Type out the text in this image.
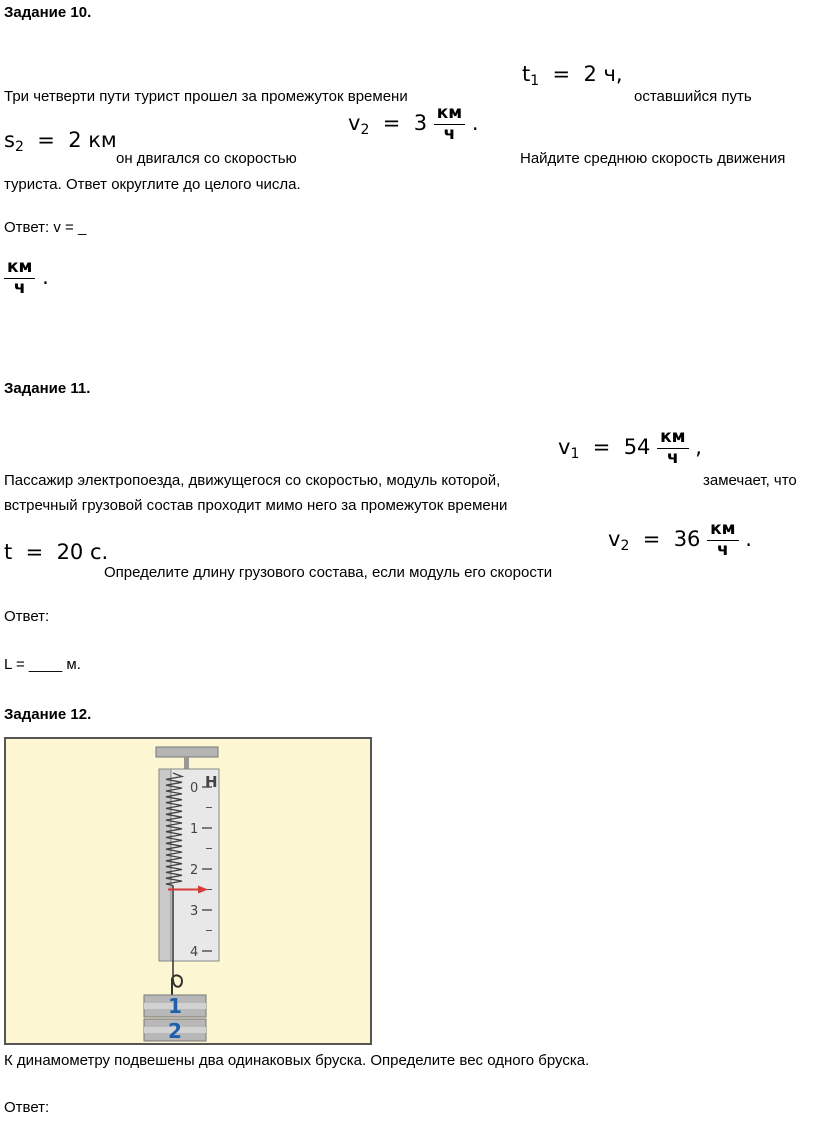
Задание 10.
Три четверти пути турист прошел за промежуток времени
$t_1 = 2$ ч,
оставшийся путь
$s_2 = 2$ км
он двигался со скоростью
$v_2 = 3 \frac{км}{ч}$ .
Найдите среднюю скорость движения
туриста. Ответ округлите до целого числа.
Ответ: v = _
$\frac{км}{ч}$ .
Задание 11.
$v_1 = 54 \frac{км}{ч}$ ,
Пассажир электропоезда, движущегося со скоростью, модуль которой,	замечает, что
встречный грузовой состав проходит мимо него за промежуток времени
t = 20 с.
Определите длину грузового состава, если модуль его скорости
$v_2 = 36 \frac{км}{ч}$ .
Ответ:
L = ____ м.
Задание 12.
0
1
2
3
4
Н
1
2
К динамометру подвешены два одинаковых бруска. Определите вес одного бруска.
Ответ:
